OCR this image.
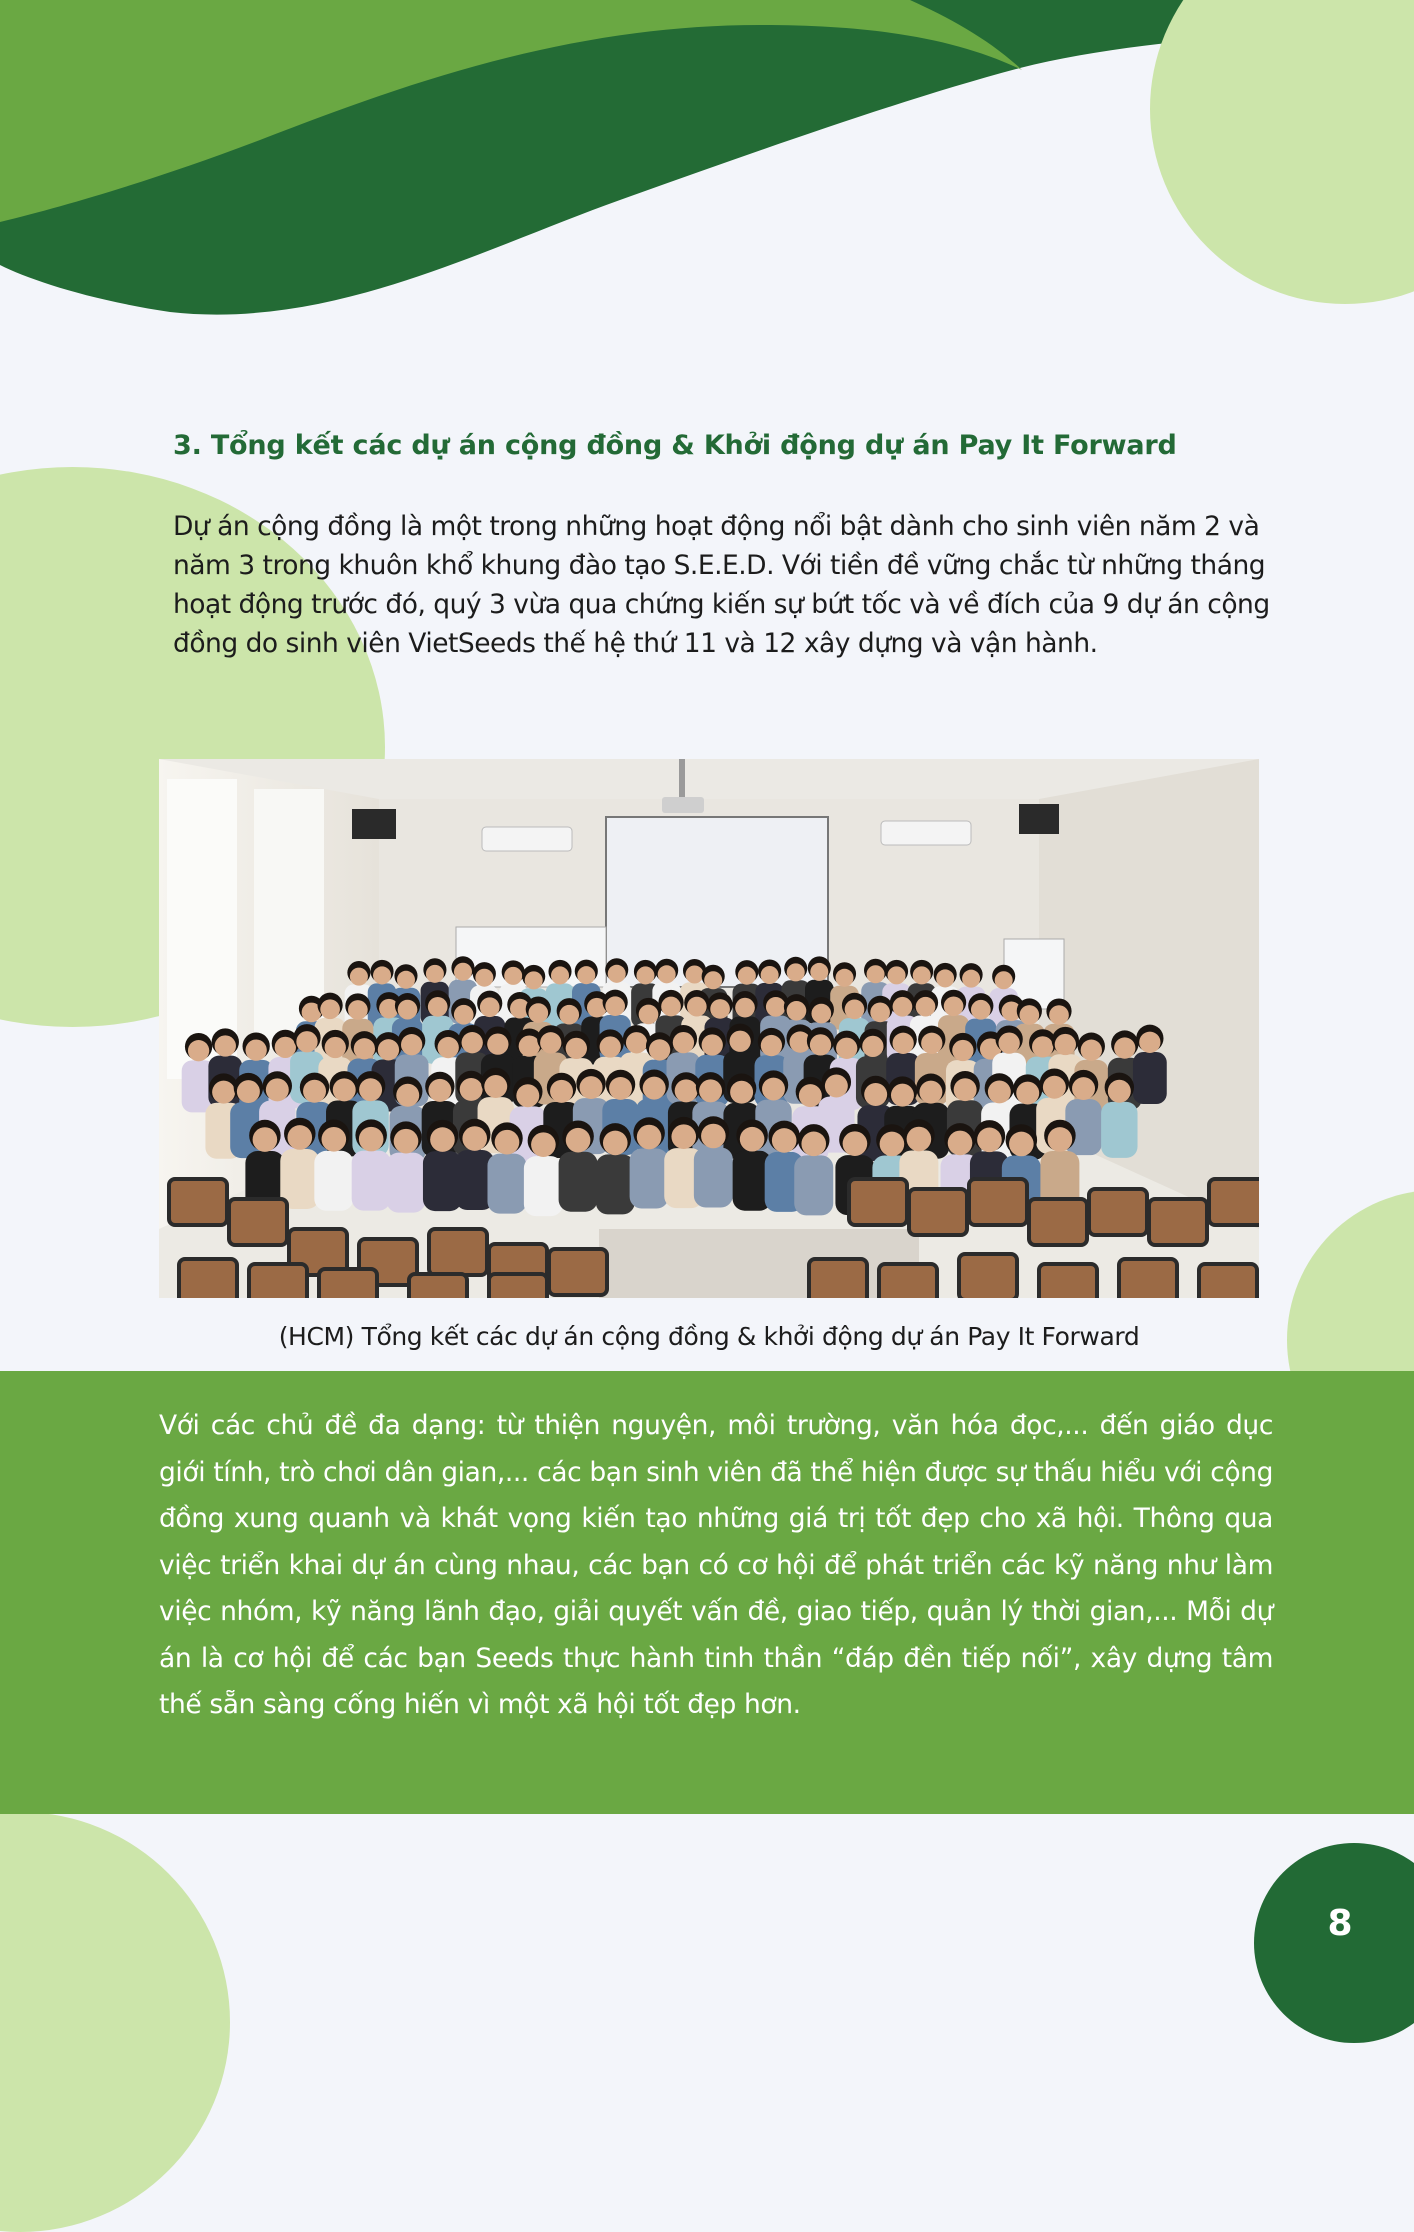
3. Tổng kết các dự án cộng đồng & Khởi động dự án Pay It Forward

Dự án cộng đồng là một trong những hoạt động nổi bật dành cho sinh viên năm 2 và năm 3 trong khuôn khổ khung đào tạo S.E.E.D. Với tiền đề vững chắc từ những tháng hoạt động trước đó, quý 3 vừa qua chứng kiến sự bứt tốc và về đích của 9 dự án cộng đồng do sinh viên VietSeeds thế hệ thứ 11 và 12 xây dựng và vận hành.

(HCM) Tổng kết các dự án cộng đồng & khởi động dự án Pay It Forward

Với các chủ đề đa dạng: từ thiện nguyện, môi trường, văn hóa đọc,... đến giáo dục giới tính, trò chơi dân gian,... các bạn sinh viên đã thể hiện được sự thấu hiểu với cộng đồng xung quanh và khát vọng kiến tạo những giá trị tốt đẹp cho xã hội. Thông qua việc triển khai dự án cùng nhau, các bạn có cơ hội để phát triển các kỹ năng như làm việc nhóm, kỹ năng lãnh đạo, giải quyết vấn đề, giao tiếp, quản lý thời gian,... Mỗi dự án là cơ hội để các bạn Seeds thực hành tinh thần “đáp đền tiếp nối”, xây dựng tâm thế sẵn sàng cống hiến vì một xã hội tốt đẹp hơn.

8
